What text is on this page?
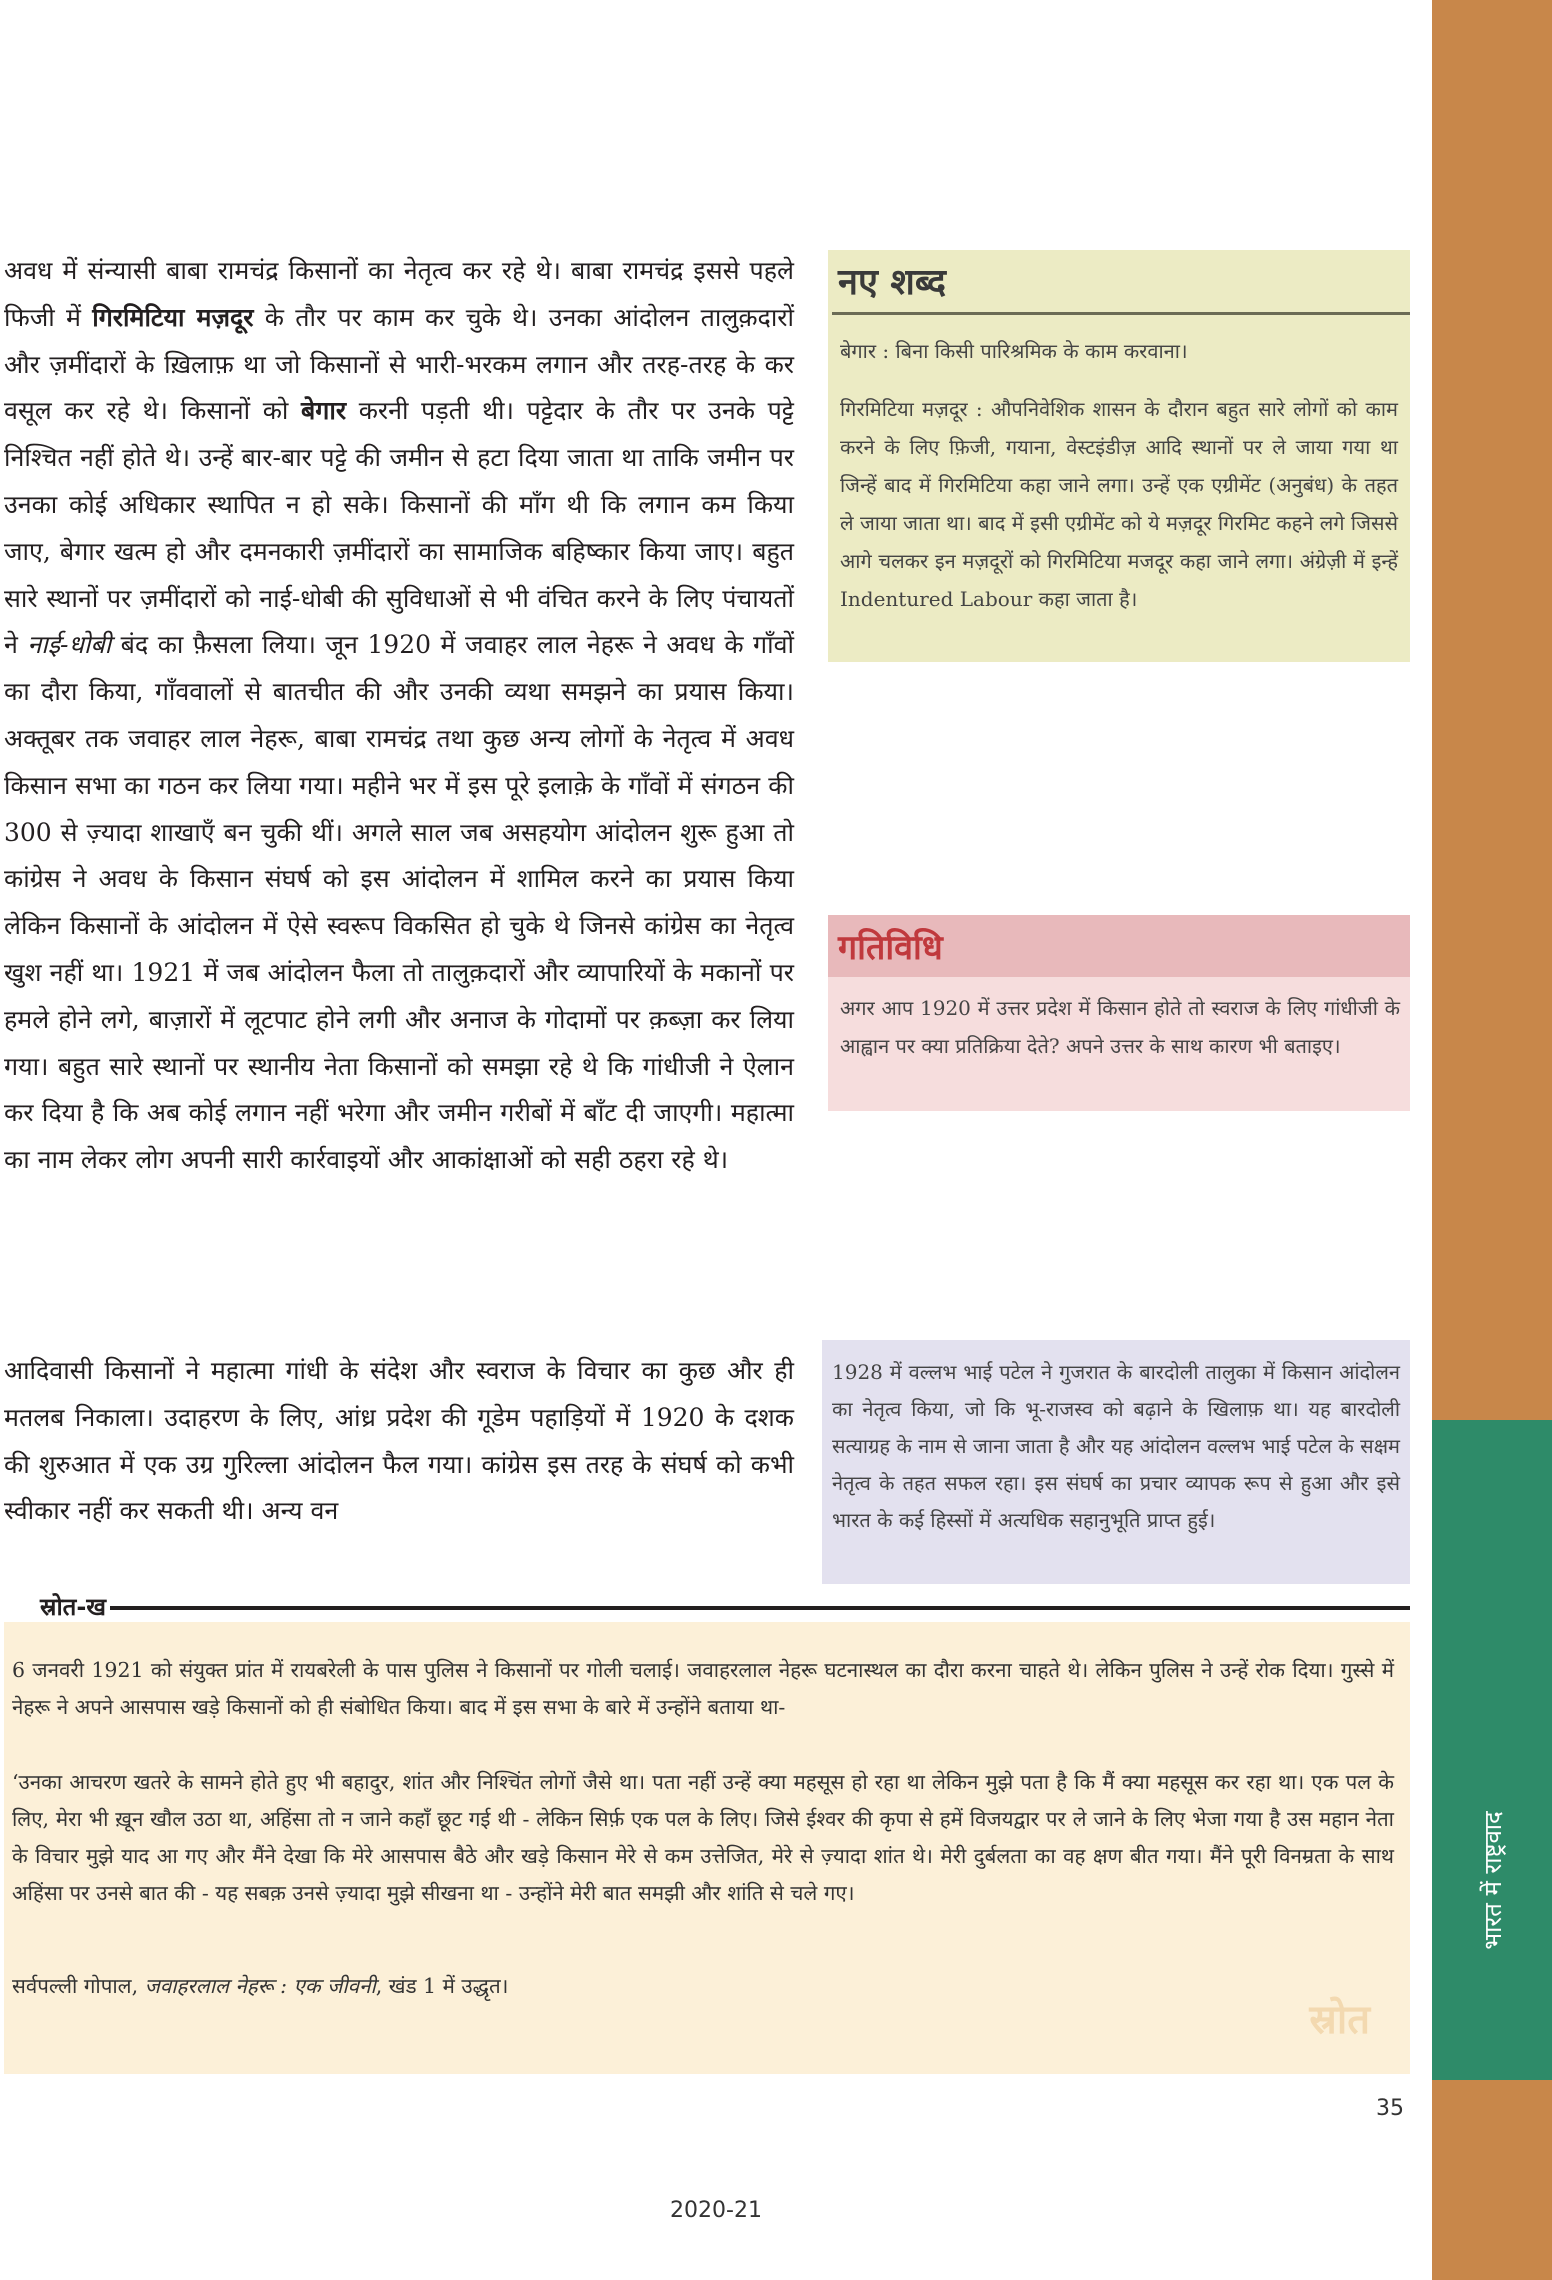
भारत में राष्ट्रवाद

अवध में संन्यासी बाबा रामचंद्र किसानों का नेतृत्व कर रहे थे। बाबा रामचंद्र इससे पहले फिजी में गिरमिटिया मज़दूर के तौर पर काम कर चुके थे। उनका आंदोलन तालुक़दारों और ज़मींदारों के ख़िलाफ़ था जो किसानों से भारी-भरकम लगान और तरह-तरह के कर वसूल कर रहे थे। किसानों को बेगार करनी पड़ती थी। पट्टेदार के तौर पर उनके पट्टे निश्चित नहीं होते थे। उन्हें बार-बार पट्टे की जमीन से हटा दिया जाता था ताकि जमीन पर उनका कोई अधिकार स्थापित न हो सके। किसानों की माँग थी कि लगान कम किया जाए, बेगार खत्म हो और दमनकारी ज़मींदारों का सामाजिक बहिष्कार किया जाए। बहुत सारे स्थानों पर ज़मींदारों को नाई-धोबी की सुविधाओं से भी वंचित करने के लिए पंचायतों ने नाई-धोबी बंद का फ़ैसला लिया। जून 1920 में जवाहर लाल नेहरू ने अवध के गाँवों का दौरा किया, गाँववालों से बातचीत की और उनकी व्यथा समझने का प्रयास किया। अक्तूबर तक जवाहर लाल नेहरू, बाबा रामचंद्र तथा कुछ अन्य लोगों के नेतृत्व में अवध किसान सभा का गठन कर लिया गया। महीने भर में इस पूरे इलाक़े के गाँवों में संगठन की 300 से ज़्यादा शाखाएँ बन चुकी थीं। अगले साल जब असहयोग आंदोलन शुरू हुआ तो कांग्रेस ने अवध के किसान संघर्ष को इस आंदोलन में शामिल करने का प्रयास किया लेकिन किसानों के आंदोलन में ऐसे स्वरूप विकसित हो चुके थे जिनसे कांग्रेस का नेतृत्व खुश नहीं था। 1921 में जब आंदोलन फैला तो तालुक़दारों और व्यापारियों के मकानों पर हमले होने लगे, बाज़ारों में लूटपाट होने लगी और अनाज के गोदामों पर क़ब्ज़ा कर लिया गया। बहुत सारे स्थानों पर स्थानीय नेता किसानों को समझा रहे थे कि गांधीजी ने ऐलान कर दिया है कि अब कोई लगान नहीं भरेगा और जमीन गरीबों में बाँट दी जाएगी। महात्मा का नाम लेकर लोग अपनी सारी कार्रवाइयों और आकांक्षाओं को सही ठहरा रहे थे।

आदिवासी किसानों ने महात्मा गांधी के संदेश और स्वराज के विचार का कुछ और ही मतलब निकाला। उदाहरण के लिए, आंध्र प्रदेश की गूडेम पहाड़ियों में 1920 के दशक की शुरुआत में एक उग्र गुरिल्ला आंदोलन फैल गया। कांग्रेस इस तरह के संघर्ष को कभी स्वीकार नहीं कर सकती थी। अन्य वन

नए शब्द

बेगार : बिना किसी पारिश्रमिक के काम करवाना।

गिरमिटिया मज़दूर : औपनिवेशिक शासन के दौरान बहुत सारे लोगों को काम करने के लिए फ़िजी, गयाना, वेस्टइंडीज़ आदि स्थानों पर ले जाया गया था जिन्हें बाद में गिरमिटिया कहा जाने लगा। उन्हें एक एग्रीमेंट (अनुबंध) के तहत ले जाया जाता था। बाद में इसी एग्रीमेंट को ये मज़दूर गिरमिट कहने लगे जिससे आगे चलकर इन मज़दूरों को गिरमिटिया मजदूर कहा जाने लगा। अंग्रेज़ी में इन्हें Indentured Labour कहा जाता है।

गतिविधि

अगर आप 1920 में उत्तर प्रदेश में किसान होते तो स्वराज के लिए गांधीजी के आह्वान पर क्या प्रतिक्रिया देते? अपने उत्तर के साथ कारण भी बताइए।

1928 में वल्लभ भाई पटेल ने गुजरात के बारदोली तालुका में किसान आंदोलन का नेतृत्व किया, जो कि भू-राजस्व को बढ़ाने के खिलाफ़ था। यह बारदोली सत्याग्रह के नाम से जाना जाता है और यह आंदोलन वल्लभ भाई पटेल के सक्षम नेतृत्व के तहत सफल रहा। इस संघर्ष का प्रचार व्यापक रूप से हुआ और इसे भारत के कई हिस्सों में अत्यधिक सहानुभूति प्राप्त हुई।

स्रोत-ख

6 जनवरी 1921 को संयुक्त प्रांत में रायबरेली के पास पुलिस ने किसानों पर गोली चलाई। जवाहरलाल नेहरू घटनास्थल का दौरा करना चाहते थे। लेकिन पुलिस ने उन्हें रोक दिया। गुस्से में नेहरू ने अपने आसपास खड़े किसानों को ही संबोधित किया। बाद में इस सभा के बारे में उन्होंने बताया था-

‘उनका आचरण खतरे के सामने होते हुए भी बहादुर, शांत और निश्चिंत लोगों जैसे था। पता नहीं उन्हें क्या महसूस हो रहा था लेकिन मुझे पता है कि मैं क्या महसूस कर रहा था। एक पल के लिए, मेरा भी ख़ून खौल उठा था, अहिंसा तो न जाने कहाँ छूट गई थी - लेकिन सिर्फ़ एक पल के लिए। जिसे ईश्वर की कृपा से हमें विजयद्वार पर ले जाने के लिए भेजा गया है उस महान नेता के विचार मुझे याद आ गए और मैंने देखा कि मेरे आसपास बैठे और खड़े किसान मेरे से कम उत्तेजित, मेरे से ज़्यादा शांत थे। मेरी दुर्बलता का वह क्षण बीत गया। मैंने पूरी विनम्रता के साथ अहिंसा पर उनसे बात की - यह सबक़ उनसे ज़्यादा मुझे सीखना था - उन्होंने मेरी बात समझी और शांति से चले गए।

सर्वपल्ली गोपाल, जवाहरलाल नेहरू : एक जीवनी, खंड 1 में उद्धृत।

स्रोत

35

2020-21
